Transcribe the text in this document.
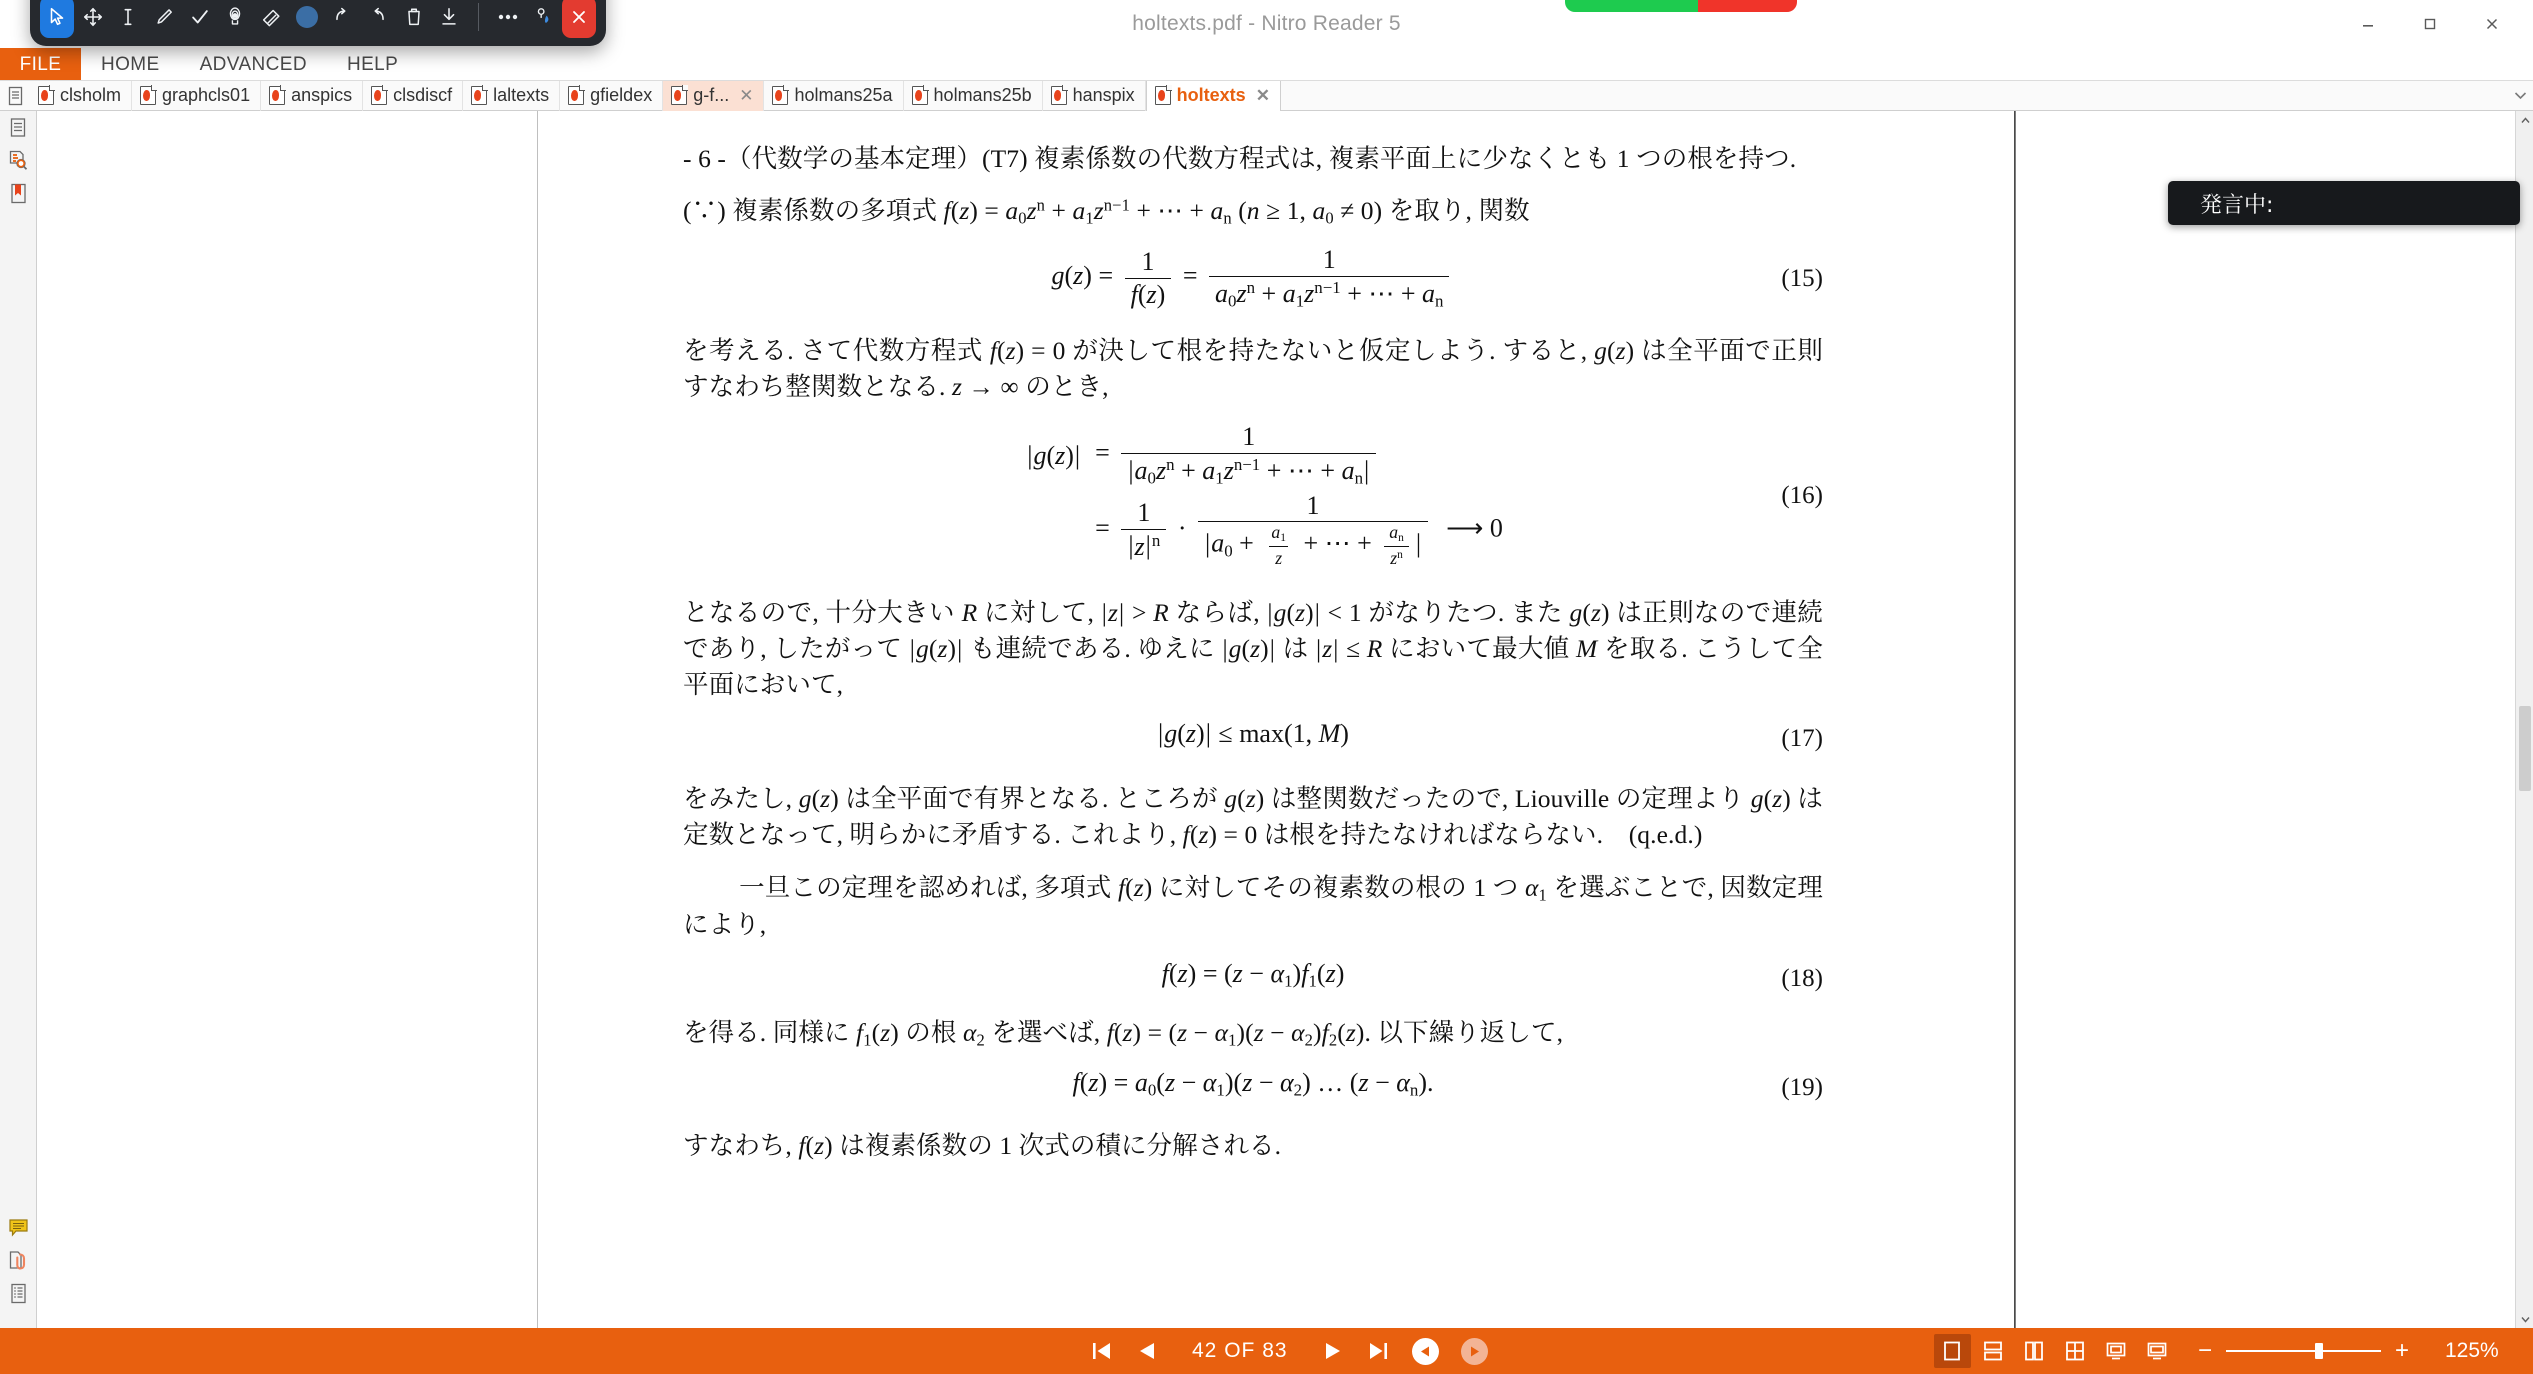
holtexts.pdf - Nitro Reader 5
FILE	HOME	ADVANCED	HELP
clsholm graphcls01 anspics clsdiscf laltexts gfieldex g-f... ✕ holmans25a holmans25b hanspix holtexts ✕
- 6 -（代数学の基本定理）(T7) 複素係数の代数方程式は, 複素平面上に少なくとも 1 つの根を持つ.
(∵) 複素係数の多項式 $f(z) = a_0z^n + a_1z^{n-1}$ + ⋯ + $a_n$ (n ≥ 1, $a_0 \ne 0$) を取り, 関数
$g(z) = \frac{1}{f(z)} = \frac{1}{a_0z^n + a_1z^{n-1} + \cdots + a_n}$	(15)
を考える. さて代数方程式 f(z) = 0 が決して根を持たないと仮定しよう. すると, g(z) は全平面で正則すなわち整関数となる. z → ∞ のとき,
$|g(z)| = \frac{1}{|a_0z^n + a_1z^{n-1} + \cdots + a_n|}$
= $\frac{1}{|z|^n} \cdot \frac{1}{|a_0 + \frac{a_1}{z} + \cdots + \frac{a_n}{z^n} |}$ ⟶ 0
(16)
となるので, 十分大きい R に対して, |z| > R ならば, |g(z)| < 1 がなりたつ. また g(z) は正則なので連続であり, したがって |g(z)| も連続である. ゆえに |g(z)| は |z| ≤ R において最大値 M を取る. こうして全平面において,
|g(z)| ≤ max(1, M)	(17)
をみたし, g(z) は全平面で有界となる. ところが g(z) は整関数だったので, Liouville の定理より g(z) は定数となって, 明らかに矛盾する. これより, f(z) = 0 は根を持たなければならない.　(q.e.d.)
一旦この定理を認めれば, 多項式 f(z) に対してその複素数の根の 1 つ $\alpha_1$ を選ぶことで, 因数定理により,
$f(z) = (z - \alpha_1)f_1(z)$	(18)
を得る. 同様に $f_1(z)$ の根 $\alpha_2$ を選べば, $f(z) = (z - \alpha_1)(z - \alpha_2)f_2(z)$. 以下繰り返して,
$f(z) = a_0(z - \alpha_1)(z - \alpha_2)$ … $(z - \alpha_n)$.	(19)
すなわち, f(z) は複素係数の 1 次式の積に分解される.
発言中:
42 OF 83	−	+ 125%
